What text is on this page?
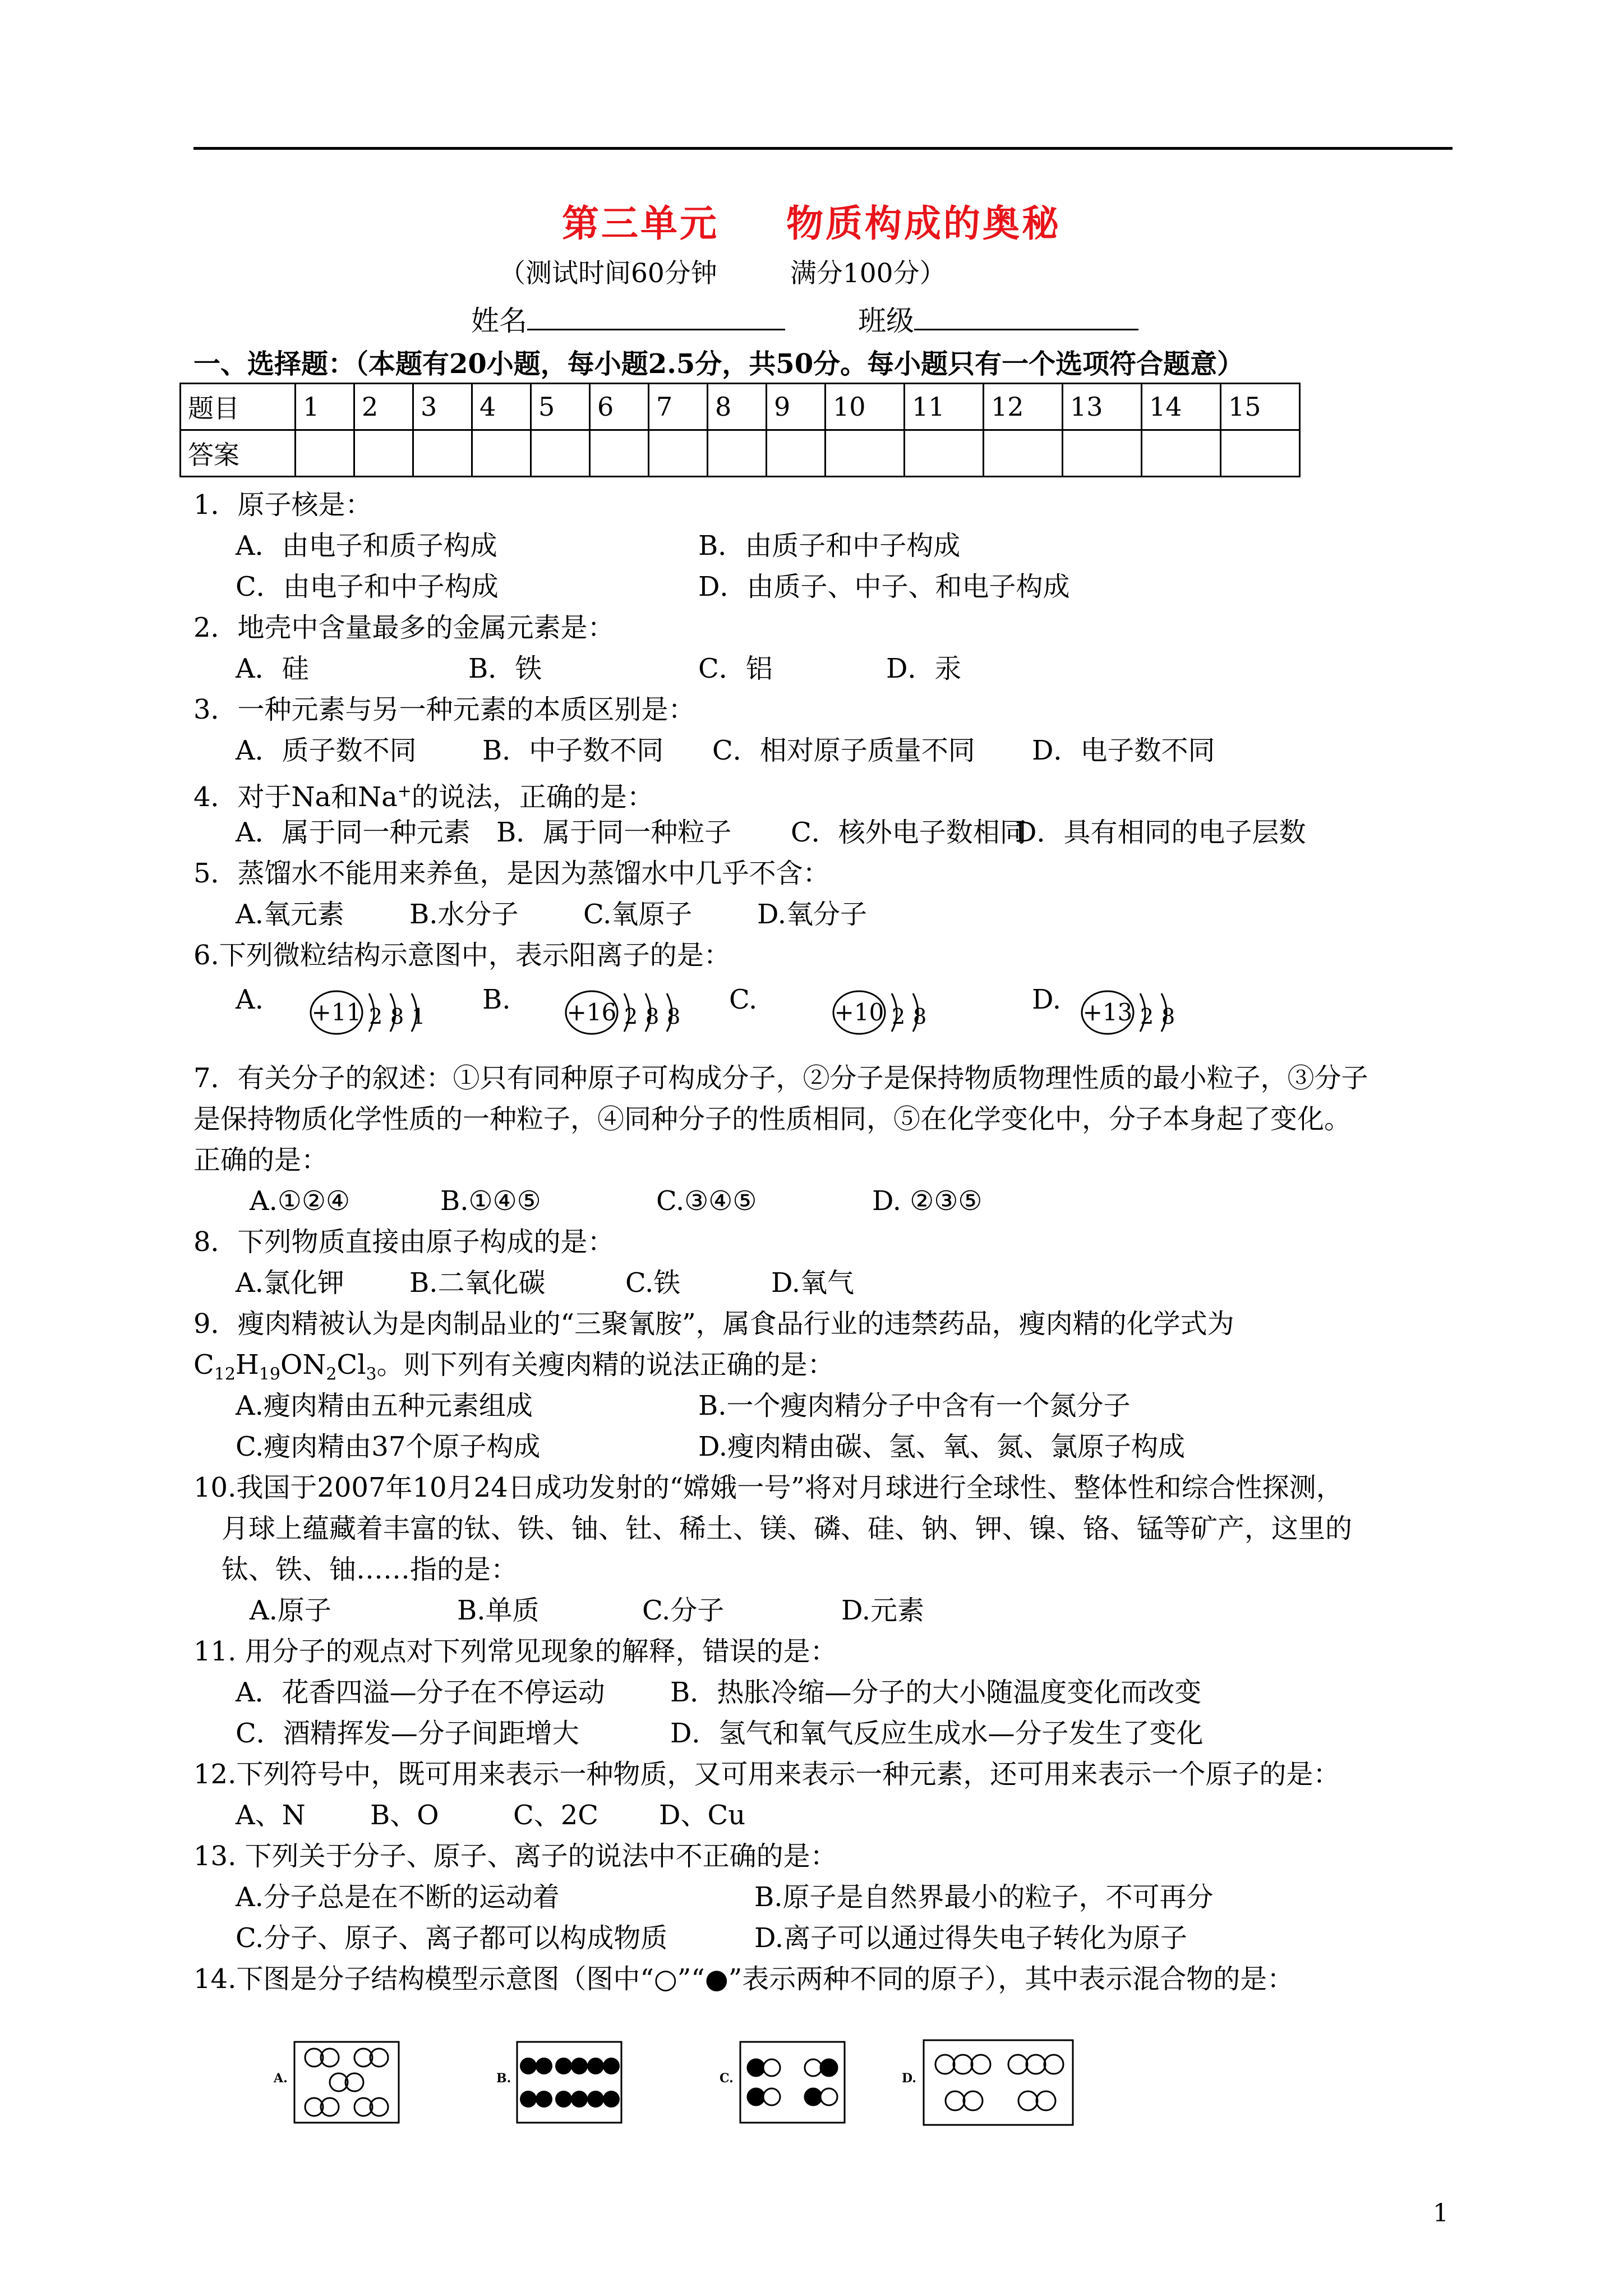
第三单元 物质构成的奥秘
（测试时间60分钟	满分100分）
姓名	班级
一、选择题：（本题有20小题，每小题2.5分，共50分。每小题只有一个选项符合题意）
题目	1	2	3	4	5	6	7	8	9	10	11	12	13	14	15
答案															
1．原子核是：
A．由电子和质子构成	B．由质子和中子构成
C．由电子和中子构成	D．由质子、中子、和电子构成
2．地壳中含量最多的金属元素是：
A．硅	B．铁	C．铝	D．汞
3．一种元素与另一种元素的本质区别是：
A．质子数不同 B．中子数不同 C．相对原子质量不同 D．电子数不同
4．对于Na和Na+的说法，正确的是：
A．属于同一种元素 B．属于同一种粒子 C．核外电子数相同
D．具有相同的电子层数
5．蒸馏水不能用来养鱼，是因为蒸馏水中几乎不含：
A.氧元素 B.水分子 C.氧原子 D.氧分子
6.下列微粒结构示意图中，表示阳离子的是：
A.	B.	C.	D.
+11 2 8 1	+16 2 8 8	+10 2 8	+13 2 8
7．有关分子的叙述：①只有同种原子可构成分子，②分子是保持物质物理性质的最小粒子，③分子
是保持物质化学性质的一种粒子，④同种分子的性质相同，⑤在化学变化中，分子本身起了变化。
正确的是：
A.①②④	B.①④⑤	C.③④⑤	D. ②③⑤
8．下列物质直接由原子构成的是：
A.氯化钾 B.二氧化碳	C.铁	D.氧气
9．瘦肉精被认为是肉制品业的“三聚氰胺”，属食品行业的违禁药品，瘦肉精的化学式为
$C_{12}H_{19}ON_2Cl_3$。则下列有关瘦肉精的说法正确的是：
A.瘦肉精由五种元素组成	B.一个瘦肉精分子中含有一个氮分子
C.瘦肉精由37个原子构成	D.瘦肉精由碳、氢、氧、氮、氯原子构成
10.我国于2007年10月24日成功发射的“嫦娥一号”将对月球进行全球性、整体性和综合性探测，
月球上蕴藏着丰富的钛、铁、铀、钍、稀土、镁、磷、硅、钠、钾、镍、铬、锰等矿产，这里的
钛、铁、铀……指的是：
A.原子	B.单质	C.分子	D.元素
11. 用分子的观点对下列常见现象的解释，错误的是：
A．花香四溢—分子在不停运动 B．热胀冷缩—分子的大小随温度变化而改变
C．酒精挥发—分子间距增大	D．氢气和氧气反应生成水—分子发生了变化
12.下列符号中，既可用来表示一种物质，又可用来表示一种元素，还可用来表示一个原子的是：
A、N B、O	C、2C D、Cu
13. 下列关于分子、原子、离子的说法中不正确的是：
A.分子总是在不断的运动着	B.原子是自然界最小的粒子，不可再分
C.分子、原子、离子都可以构成物质	D.离子可以通过得失电子转化为原子
14.下图是分子结构模型示意图（图中“○”“●”表示两种不同的原子），其中表示混合物的是：
A.	B.	C.	D.
1
